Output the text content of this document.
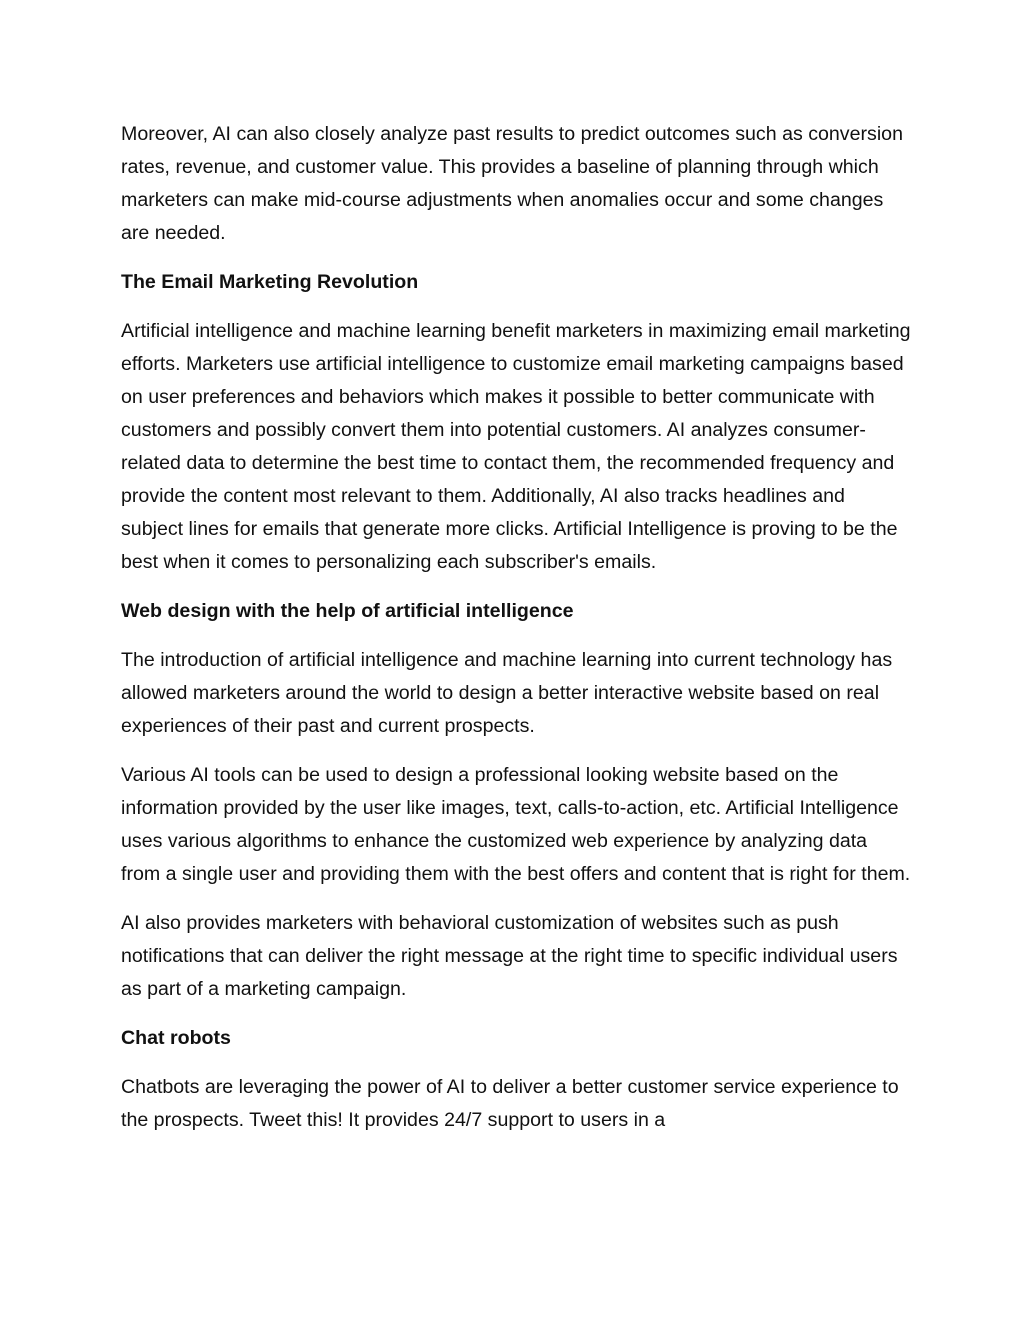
Moreover, AI can also closely analyze past results to predict outcomes such as conversion rates, revenue, and customer value. This provides a baseline of planning through which marketers can make mid-course adjustments when anomalies occur and some changes are needed.

The Email Marketing Revolution

Artificial intelligence and machine learning benefit marketers in maximizing email marketing efforts. Marketers use artificial intelligence to customize email marketing campaigns based on user preferences and behaviors which makes it possible to better communicate with customers and possibly convert them into potential customers. AI analyzes consumer-related data to determine the best time to contact them, the recommended frequency and provide the content most relevant to them. Additionally, AI also tracks headlines and subject lines for emails that generate more clicks. Artificial Intelligence is proving to be the best when it comes to personalizing each subscriber's emails.

Web design with the help of artificial intelligence

The introduction of artificial intelligence and machine learning into current technology has allowed marketers around the world to design a better interactive website based on real experiences of their past and current prospects.

Various AI tools can be used to design a professional looking website based on the information provided by the user like images, text, calls-to-action, etc. Artificial Intelligence uses various algorithms to enhance the customized web experience by analyzing data from a single user and providing them with the best offers and content that is right for them.

AI also provides marketers with behavioral customization of websites such as push notifications that can deliver the right message at the right time to specific individual users as part of a marketing campaign.

Chat robots

Chatbots are leveraging the power of AI to deliver a better customer service experience to the prospects. Tweet this! It provides 24/7 support to users in a
